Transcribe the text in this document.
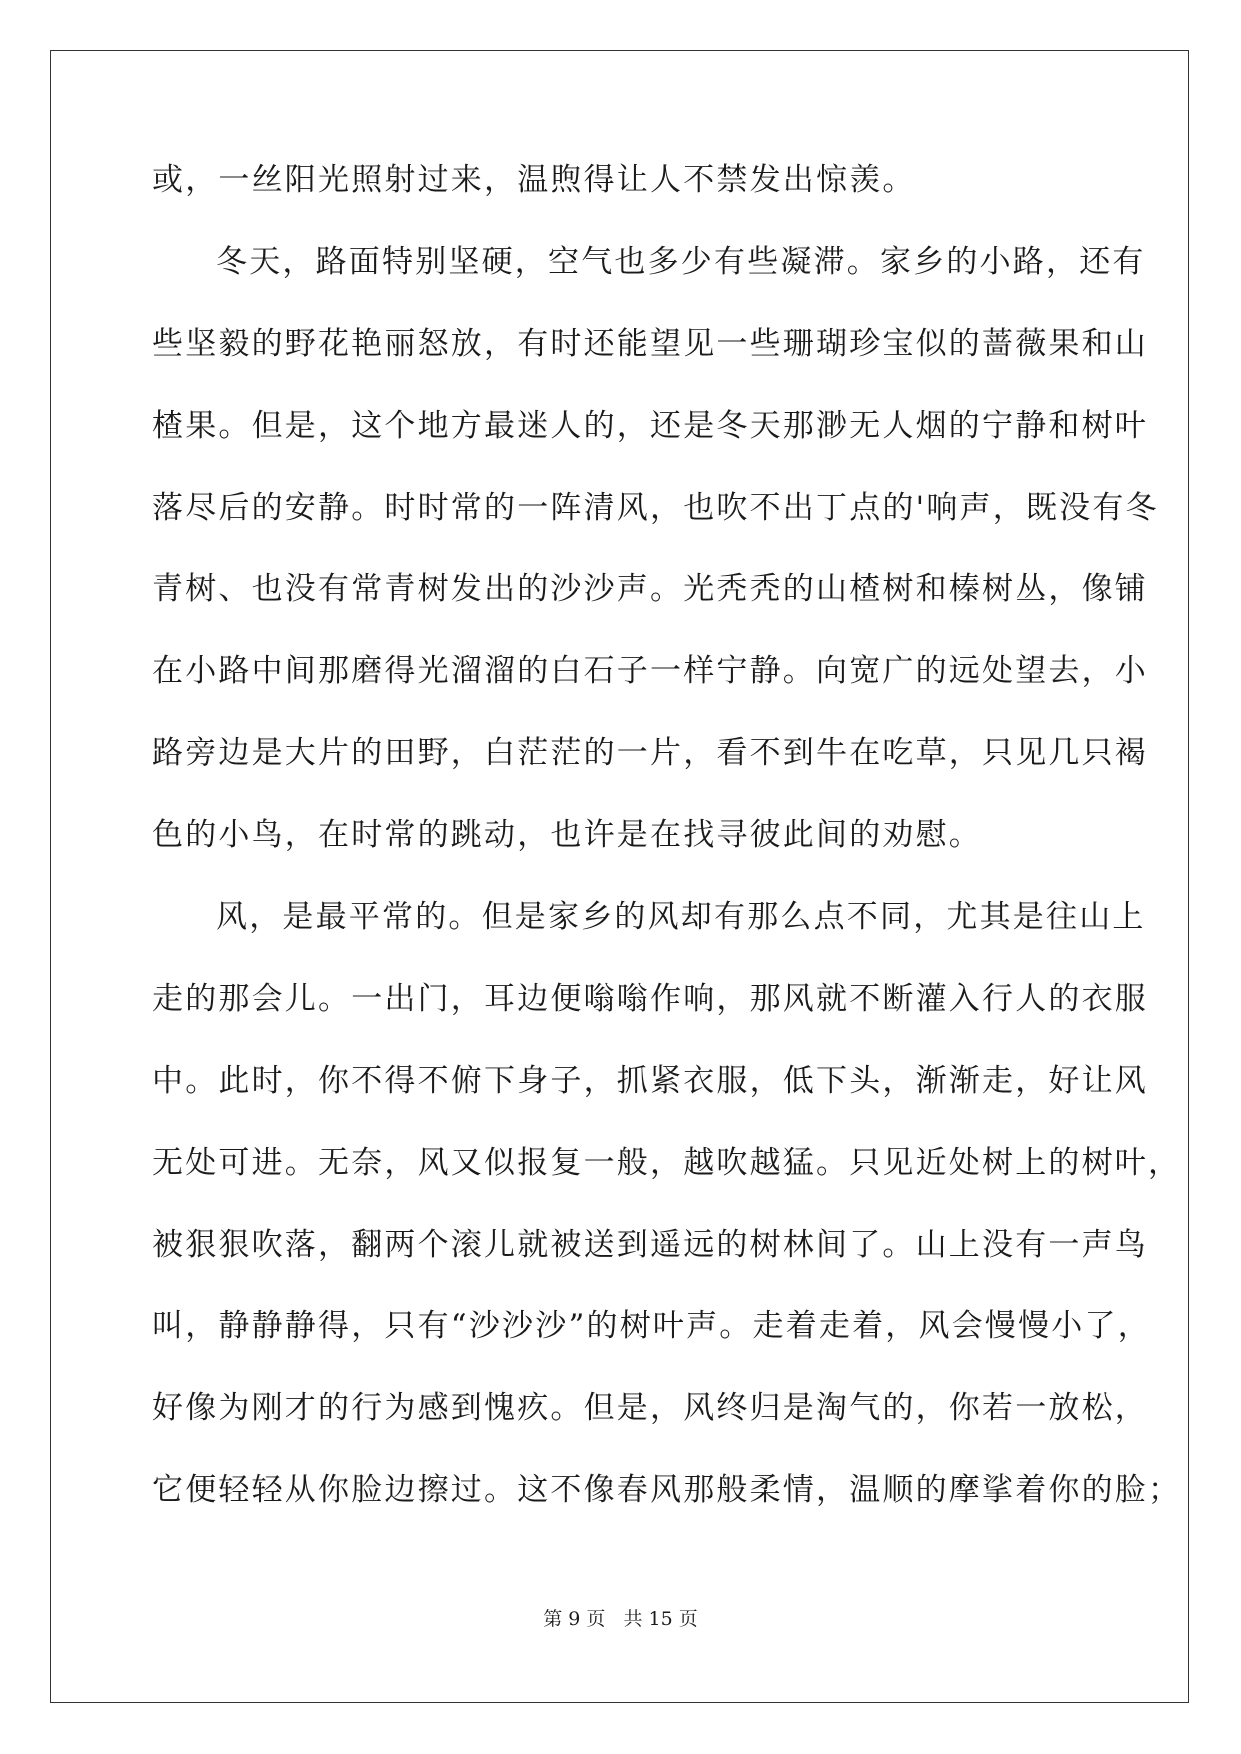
或，一丝阳光照射过来，温煦得让人不禁发出惊羡。
冬天，路面特别坚硬，空气也多少有些凝滞。家乡的小路，还有
些坚毅的野花艳丽怒放，有时还能望见一些珊瑚珍宝似的蔷薇果和山
楂果。但是，这个地方最迷人的，还是冬天那渺无人烟的宁静和树叶
落尽后的安静。时时常的一阵清风，也吹不出丁点的'响声，既没有冬
青树、也没有常青树发出的沙沙声。光秃秃的山楂树和榛树丛，像铺
在小路中间那磨得光溜溜的白石子一样宁静。向宽广的远处望去，小
路旁边是大片的田野，白茫茫的一片，看不到牛在吃草，只见几只褐
色的小鸟，在时常的跳动，也许是在找寻彼此间的劝慰。
风，是最平常的。但是家乡的风却有那么点不同，尤其是往山上
走的那会儿。一出门，耳边便嗡嗡作响，那风就不断灌入行人的衣服
中。此时，你不得不俯下身子，抓紧衣服，低下头，渐渐走，好让风
无处可进。无奈，风又似报复一般，越吹越猛。只见近处树上的树叶，
被狠狠吹落，翻两个滚儿就被送到遥远的树林间了。山上没有一声鸟
叫，静静静得，只有“沙沙沙”的树叶声。走着走着，风会慢慢小了，
好像为刚才的行为感到愧疚。但是，风终归是淘气的，你若一放松，
它便轻轻从你脸边擦过。这不像春风那般柔情，温顺的摩挲着你的脸；
第 9 页 共 15 页
